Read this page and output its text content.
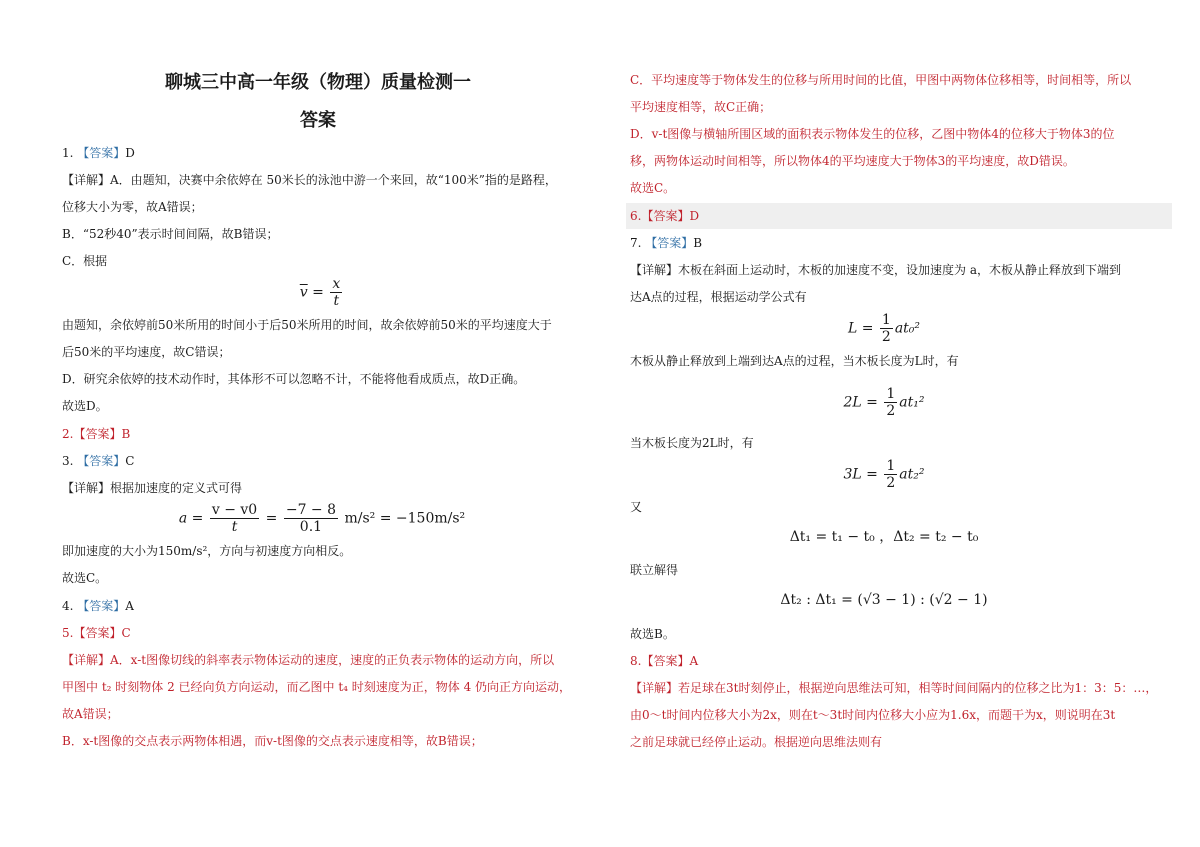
聊城三中高一年级（物理）质量检测一
答案
1. 【答案】D
【详解】A．由题知，决赛中余依婷在 50米长的泳池中游一个来回，故“100米”指的是路程，
位移大小为零，故A错误；
B．“52秒40”表示时间间隔，故B错误；
C．根据
$\overline{v} = \frac{x}{t}$
由题知，余依婷前50米所用的时间小于后50米所用的时间，故余依婷前50米的平均速度大于
后50米的平均速度，故C错误；
D．研究余依婷的技术动作时，其体形不可以忽略不计，不能将他看成质点，故D正确。
故选D。
2.【答案】B
3. 【答案】C
【详解】根据加速度的定义式可得
$a = \frac{v - v0}{t} = \frac{-7 - 8}{0.1} m/s^2 = -150m/s^2$
即加速度的大小为150m/s²，方向与初速度方向相反。
故选C。
4. 【答案】A
5.【答案】C
【详解】A．x-t图像切线的斜率表示物体运动的速度，速度的正负表示物体的运动方向，所以
甲图中 t₂ 时刻物体 2 已经向负方向运动，而乙图中 t₄ 时刻速度为正，物体 4 仍向正方向运动，
故A错误；
B．x-t图像的交点表示两物体相遇，而v-t图像的交点表示速度相等，故B错误；
C．平均速度等于物体发生的位移与所用时间的比值，甲图中两物体位移相等，时间相等，所以
平均速度相等，故C正确；
D．v-t图像与横轴所围区域的面积表示物体发生的位移，乙图中物体4的位移大于物体3的位
移，两物体运动时间相等，所以物体4的平均速度大于物体3的平均速度，故D错误。
故选C。
6.【答案】D
7. 【答案】B
【详解】木板在斜面上运动时，木板的加速度不变，设加速度为 a，木板从静止释放到下端到
达A点的过程，根据运动学公式有
$L = \frac{1}{2} at_0^2$
木板从静止释放到上端到达A点的过程，当木板长度为L时，有
$2L = \frac{1}{2} at_1^2$
当木板长度为2L时，有
$3L = \frac{1}{2} at_2^2$
又
Δt₁ = t₁ − t₀ ，Δt₂ = t₂ − t₀
联立解得
Δt₂ : Δt₁ = (√3 − 1) : (√2 − 1)
故选B。
8.【答案】A
【详解】若足球在3t时刻停止，根据逆向思维法可知，相等时间间隔内的位移之比为1：3：5：…，
由0～t时间内位移大小为2x，则在t～3t时间内位移大小应为1.6x，而题干为x，则说明在3t
之前足球就已经停止运动。根据逆向思维法则有
